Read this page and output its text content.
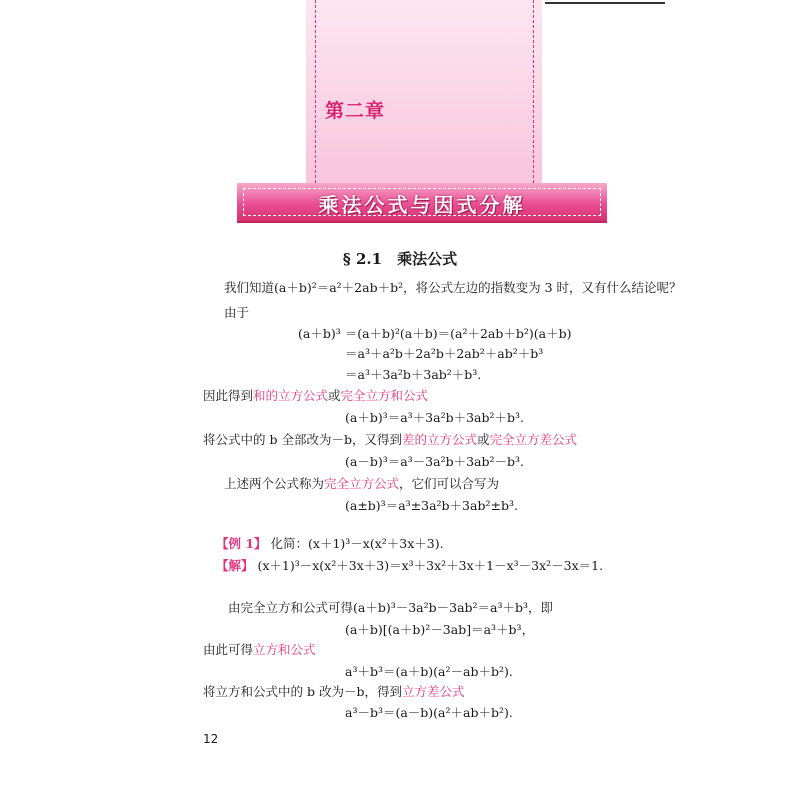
第二章
乘法公式与因式分解
§ 2.1　乘法公式
我们知道(a＋b)²＝a²＋2ab＋b²，将公式左边的指数变为 3 时，又有什么结论呢？
由于
(a＋b)³ ＝(a＋b)²(a＋b)＝(a²＋2ab＋b²)(a＋b)
＝a³＋a²b＋2a²b＋2ab²＋ab²＋b³
＝a³＋3a²b＋3ab²＋b³.
因此得到和的立方公式或完全立方和公式
(a＋b)³＝a³＋3a²b＋3ab²＋b³.
将公式中的 b 全部改为－b，又得到差的立方公式或完全立方差公式
(a－b)³＝a³－3a²b＋3ab²－b³.
上述两个公式称为完全立方公式，它们可以合写为
(a±b)³＝a³±3a²b＋3ab²±b³.
【例 1】 化简：(x＋1)³－x(x²＋3x＋3).
【解】 (x＋1)³－x(x²＋3x＋3)＝x³＋3x²＋3x＋1－x³－3x²－3x＝1.
由完全立方和公式可得(a＋b)³－3a²b－3ab²＝a³＋b³，即
(a＋b)[(a＋b)²－3ab]＝a³＋b³，
由此可得立方和公式
a³＋b³＝(a＋b)(a²－ab＋b²).
将立方和公式中的 b 改为－b，得到立方差公式
a³－b³＝(a－b)(a²＋ab＋b²).
12
